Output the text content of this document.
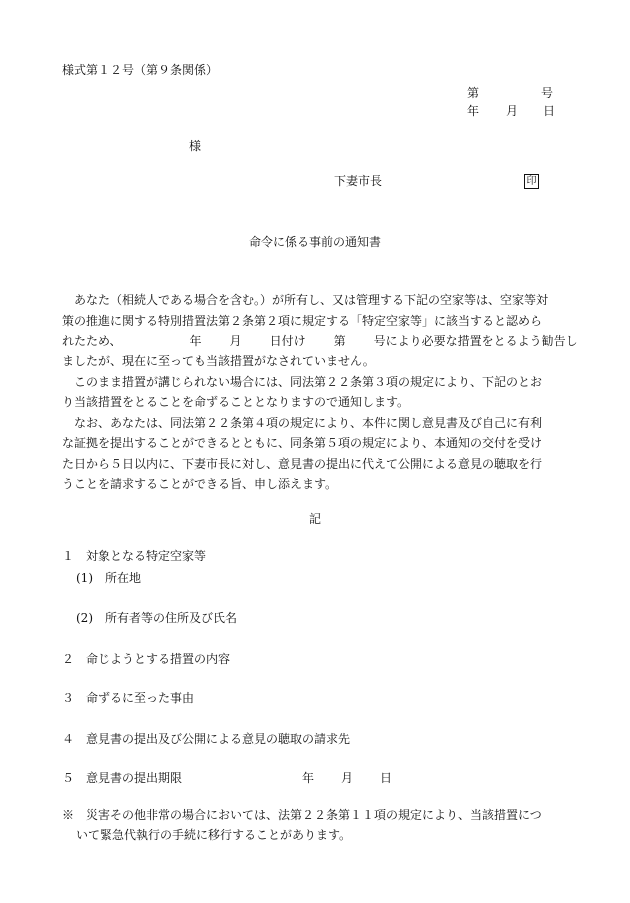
様式第１２号（第９条関係）
第	号
年 月 日
様
下妻市長	印
命令に係る事前の通知書
あなた（相続人である場合を含む。）が所有し、又は管理する下記の空家等は、空家等対
策の推進に関する特別措置法第２条第２項に規定する「特定空家等」に該当すると認めら
れたため、	年 月 日付け 第 号により必要な措置をとるよう勧告し
ましたが、現在に至っても当該措置がなされていません。
このまま措置が講じられない場合には、同法第２２条第３項の規定により、下記のとお
り当該措置をとることを命ずることとなりますので通知します。
なお、あなたは、同法第２２条第４項の規定により、本件に関し意見書及び自己に有利
な証拠を提出することができるとともに、同条第５項の規定により、本通知の交付を受け
た日から５日以内に、下妻市長に対し、意見書の提出に代えて公開による意見の聴取を行
うことを請求することができる旨、申し添えます。
記
１　対象となる特定空家等
(1)　所在地
(2)　所有者等の住所及び氏名
２　命じようとする措置の内容
３　命ずるに至った事由
４　意見書の提出及び公開による意見の聴取の請求先
５　意見書の提出期限	年 月 日
※　災害その他非常の場合においては、法第２２条第１１項の規定により、当該措置につ
いて緊急代執行の手続に移行することがあります。
